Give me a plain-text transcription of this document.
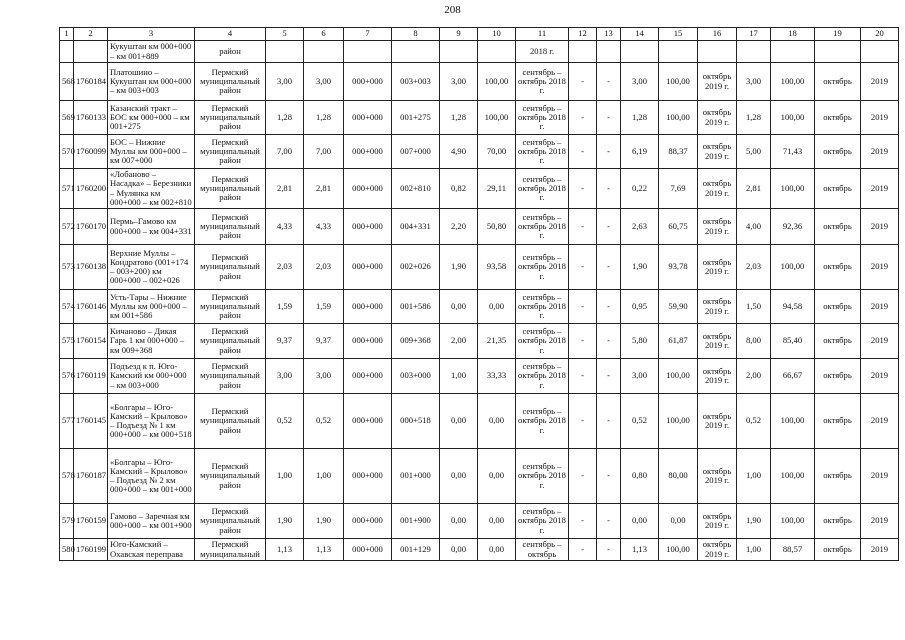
208
1	2	3	4	5	6	7	8	9	10	11	12	13	14	15	16	17	18	19	20
		Кукуштан км 000+000 – км 001+889	район							2018 г.									
568	1760184	Платошино – Кукуштан км 000+000 – км 003+003	Пермский муниципальный район	3,00	3,00	000+000	003+003	3,00	100,00	сентябрь – октябрь 2018 г.	-	-	3,00	100,00	октябрь 2019 г.	3,00	100,00	октябрь	2019
569	1760133	Казанский тракт – БОС км 000+000 – км 001+275	Пермский муниципальный район	1,28	1,28	000+000	001+275	1,28	100,00	сентябрь – октябрь 2018 г.	-	-	1,28	100,00	октябрь 2019 г.	1,28	100,00	октябрь	2019
570	1760099	БОС – Нижние Муллы км 000+000 – км 007+000	Пермский муниципальный район	7,00	7,00	000+000	007+000	4,90	70,00	сентябрь – октябрь 2018 г.	-	-	6,19	88,37	октябрь 2019 г.	5,00	71,43	октябрь	2019
571	1760200	«Лобаново – Насадка» – Березники – Мулянка км 000+000 – км 002+810	Пермский муниципальный район	2,81	2,81	000+000	002+810	0,82	29,11	сентябрь – октябрь 2018 г.	-	-	0,22	7,69	октябрь 2019 г.	2,81	100,00	октябрь	2019
572	1760170	Пермь–Гамово км 000+000 – км 004+331	Пермский муниципальный район	4,33	4,33	000+000	004+331	2,20	50,80	сентябрь – октябрь 2018 г.	-	-	2,63	60,75	октябрь 2019 г.	4,00	92,36	октябрь	2019
573	1760138	Верхние Муллы – Кондратово (001+174 – 003+200) км 000+000 – 002+026	Пермский муниципальный район	2,03	2,03	000+000	002+026	1,90	93,58	сентябрь – октябрь 2018 г.	-	-	1,90	93,78	октябрь 2019 г.	2,03	100,00	октябрь	2019
574	1760146	Усть-Тары – Нижние Муллы км 000+000 – км 001+586	Пермский муниципальный район	1,59	1,59	000+000	001+586	0,00	0,00	сентябрь – октябрь 2018 г.	-	-	0,95	59,90	октябрь 2019 г.	1,50	94,58	октябрь	2019
575	1760154	Кичаново – Дикая Гарь 1 км 000+000 – км 009+368	Пермский муниципальный район	9,37	9,37	000+000	009+368	2,00	21,35	сентябрь – октябрь 2018 г.	-	-	5,80	61,87	октябрь 2019 г.	8,00	85,40	октябрь	2019
576	1760119	Подъезд к п. Юго-Камский км 000+000 – км 003+000	Пермский муниципальный район	3,00	3,00	000+000	003+000	1,00	33,33	сентябрь – октябрь 2018 г.	-	-	3,00	100,00	октябрь 2019 г.	2,00	66,67	октябрь	2019
577	1760145	«Болгары – Юго-Камский – Крылово» – Подъезд № 1 км 000+000 – км 000+518	Пермский муниципальный район	0,52	0,52	000+000	000+518	0,00	0,00	сентябрь – октябрь 2018 г.	-	-	0,52	100,00	октябрь 2019 г.	0,52	100,00	октябрь	2019
578	1760187	«Болгары – Юго-Камский – Крылово» – Подъезд № 2 км 000+000 – км 001+000	Пермский муниципальный район	1,00	1,00	000+000	001+000	0,00	0,00	сентябрь – октябрь 2018 г.	-	-	0,80	80,00	октябрь 2019 г.	1,00	100,00	октябрь	2019
579	1760159	Гамово – Заречная км 000+000 – км 001+900	Пермский муниципальный район	1,90	1,90	000+000	001+900	0,00	0,00	сентябрь – октябрь 2018 г.	-	-	0,00	0,00	октябрь 2019 г.	1,90	100,00	октябрь	2019
580	1760199	Юго-Камский – Охавская переправа	Пермский муниципальный	1,13	1,13	000+000	001+129	0,00	0,00	сентябрь – октябрь	-	-	1,13	100,00	октябрь 2019 г.	1,00	88,57	октябрь	2019
